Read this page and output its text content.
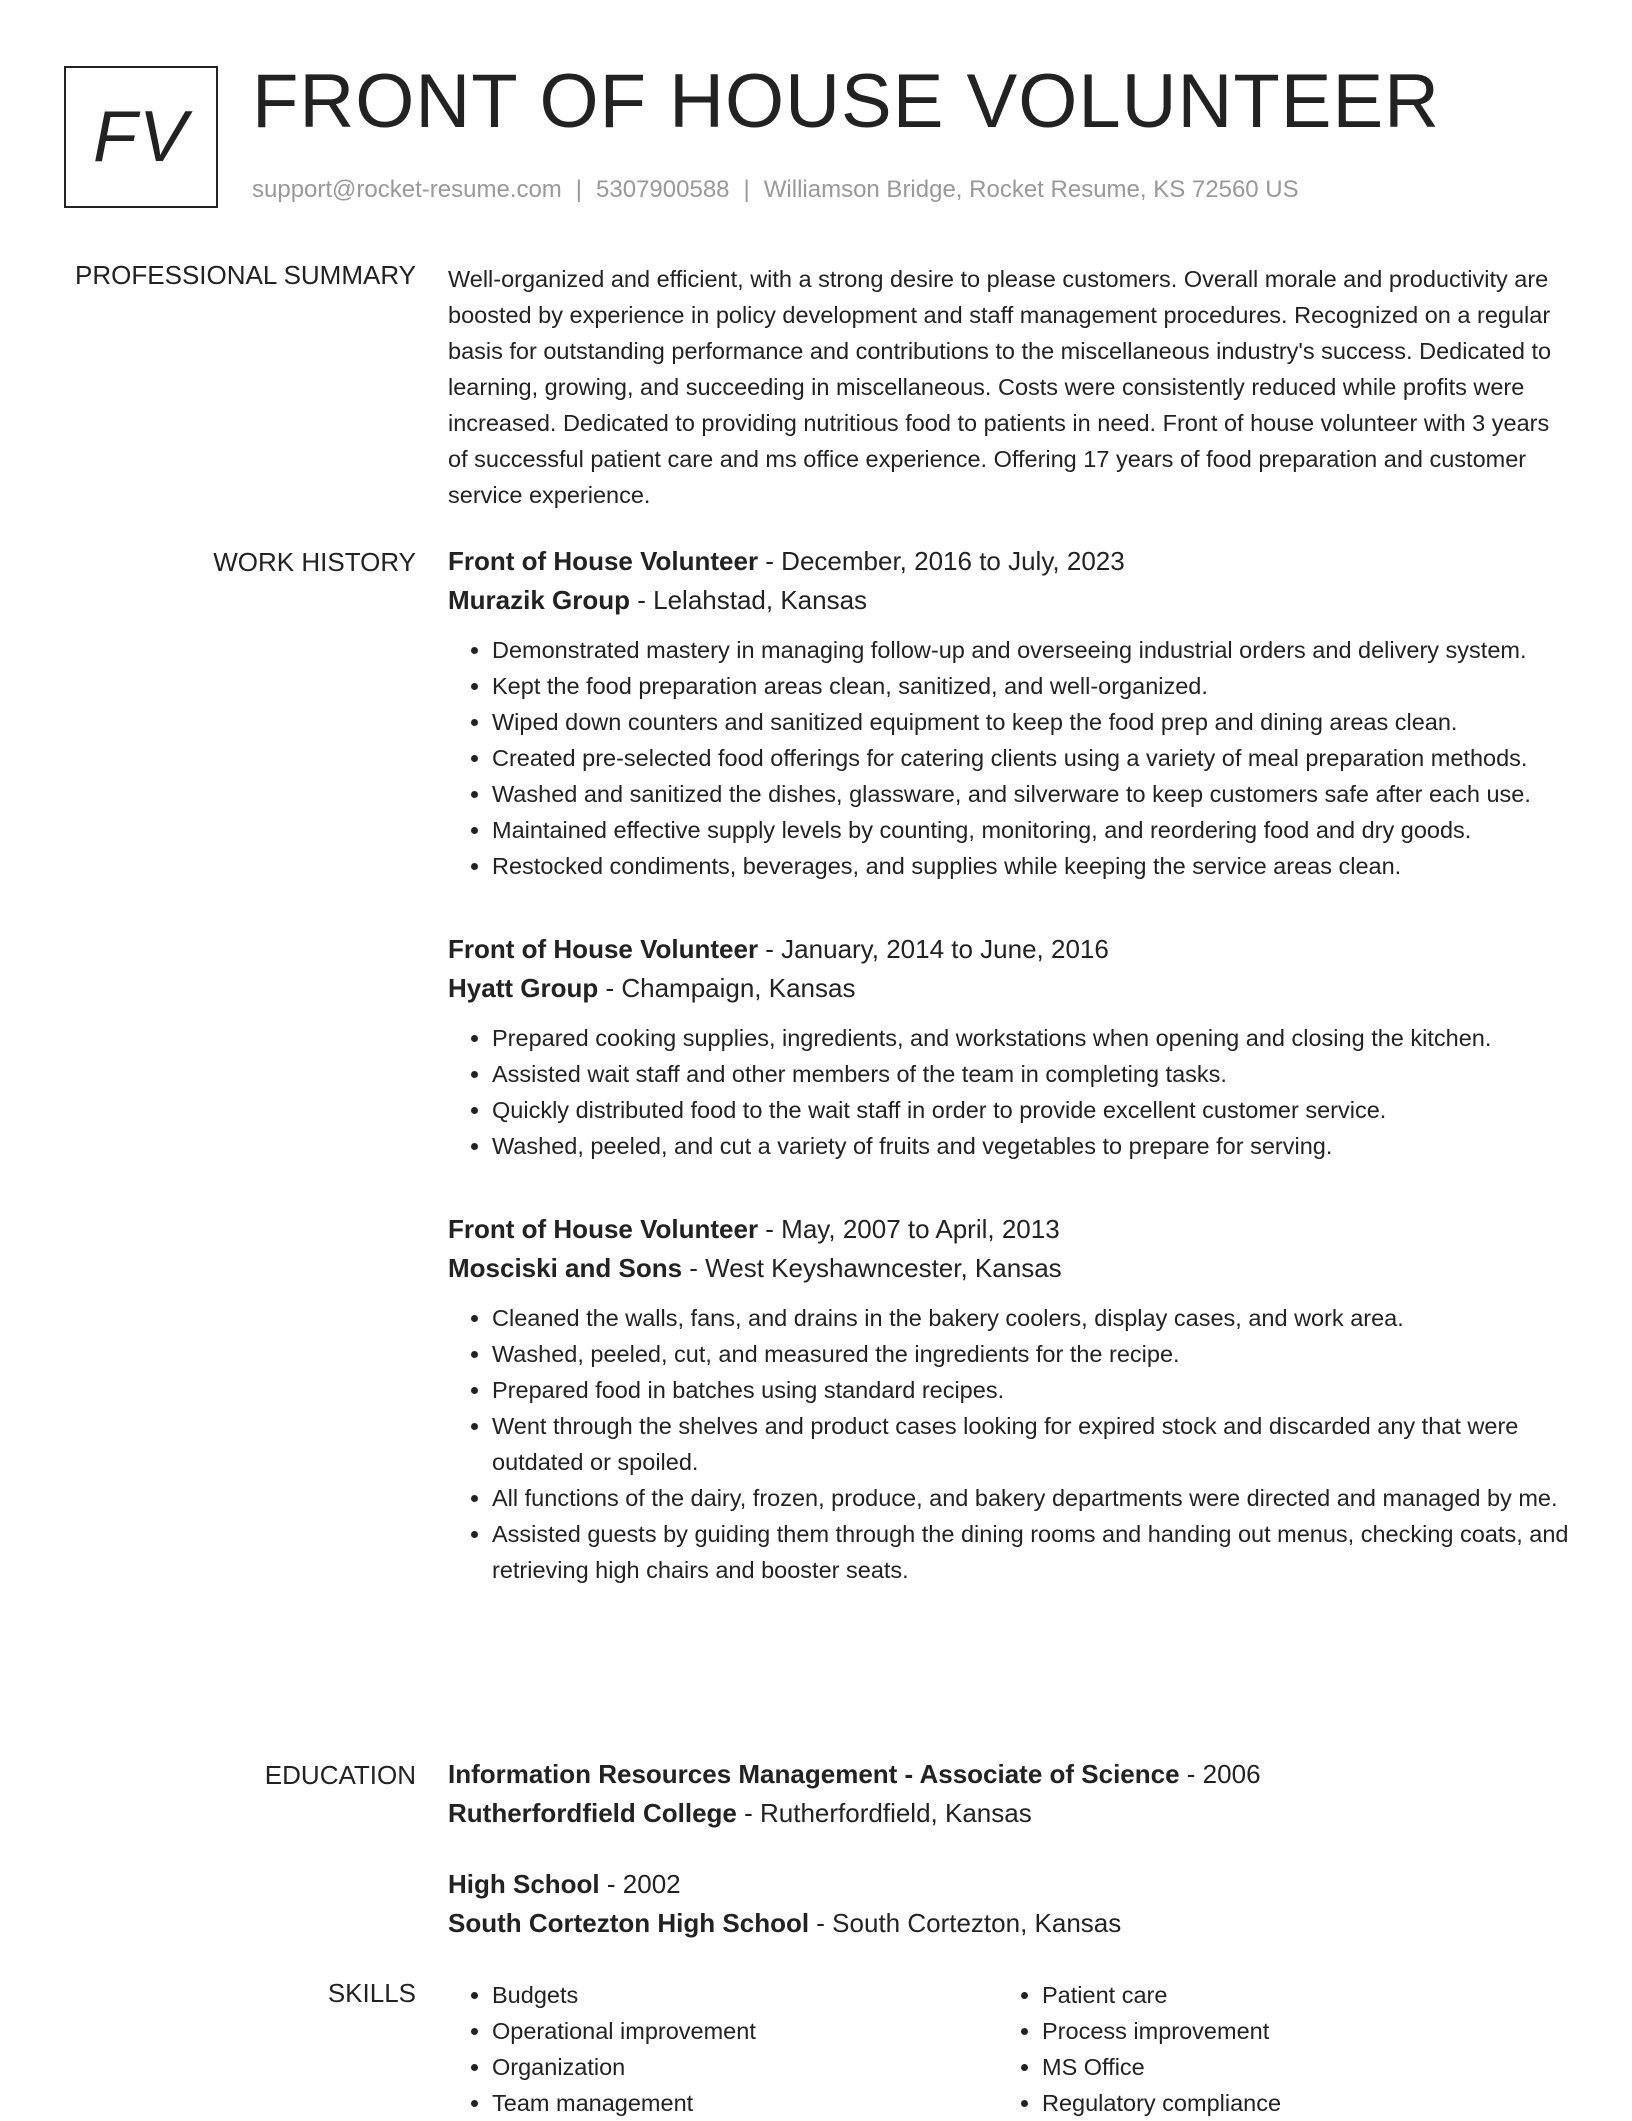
FV FRONT OF HOUSE VOLUNTEER
support@rocket-resume.com | 5307900588 | Williamson Bridge, Rocket Resume, KS 72560 US
PROFESSIONAL SUMMARY Well-organized and efficient, with a strong desire to please customers. Overall morale and productivity are boosted by experience in policy development and staff management procedures. Recognized on a regular basis for outstanding performance and contributions to the miscellaneous industry's success. Dedicated to learning, growing, and succeeding in miscellaneous. Costs were consistently reduced while profits were increased. Dedicated to providing nutritious food to patients in need. Front of house volunteer with 3 years of successful patient care and ms office experience. Offering 17 years of food preparation and customer service experience.

WORK HISTORY Front of House Volunteer - December, 2016 to July, 2023
Murazik Group - Lelahstad, Kansas
• Demonstrated mastery in managing follow-up and overseeing industrial orders and delivery system.
• Kept the food preparation areas clean, sanitized, and well-organized.
• Wiped down counters and sanitized equipment to keep the food prep and dining areas clean.
• Created pre-selected food offerings for catering clients using a variety of meal preparation methods.
• Washed and sanitized the dishes, glassware, and silverware to keep customers safe after each use.
• Maintained effective supply levels by counting, monitoring, and reordering food and dry goods.
• Restocked condiments, beverages, and supplies while keeping the service areas clean.
Front of House Volunteer - January, 2014 to June, 2016
Hyatt Group - Champaign, Kansas
• Prepared cooking supplies, ingredients, and workstations when opening and closing the kitchen.
• Assisted wait staff and other members of the team in completing tasks.
• Quickly distributed food to the wait staff in order to provide excellent customer service.
• Washed, peeled, and cut a variety of fruits and vegetables to prepare for serving.
Front of House Volunteer - May, 2007 to April, 2013
Mosciski and Sons - West Keyshawncester, Kansas
• Cleaned the walls, fans, and drains in the bakery coolers, display cases, and work area.
• Washed, peeled, cut, and measured the ingredients for the recipe.
• Prepared food in batches using standard recipes.
• Went through the shelves and product cases looking for expired stock and discarded any that were outdated or spoiled.
• All functions of the dairy, frozen, produce, and bakery departments were directed and managed by me.
• Assisted guests by guiding them through the dining rooms and handing out menus, checking coats, and retrieving high chairs and booster seats.
EDUCATION Information Resources Management - Associate of Science - 2006
Rutherfordfield College - Rutherfordfield, Kansas
High School - 2002
South Cortezton High School - South Cortezton, Kansas
SKILLS
•	Budgets
• Operational improvement
• Organization
• Team management
• Patient care
• Process improvement
• MS Office
• Regulatory compliance
